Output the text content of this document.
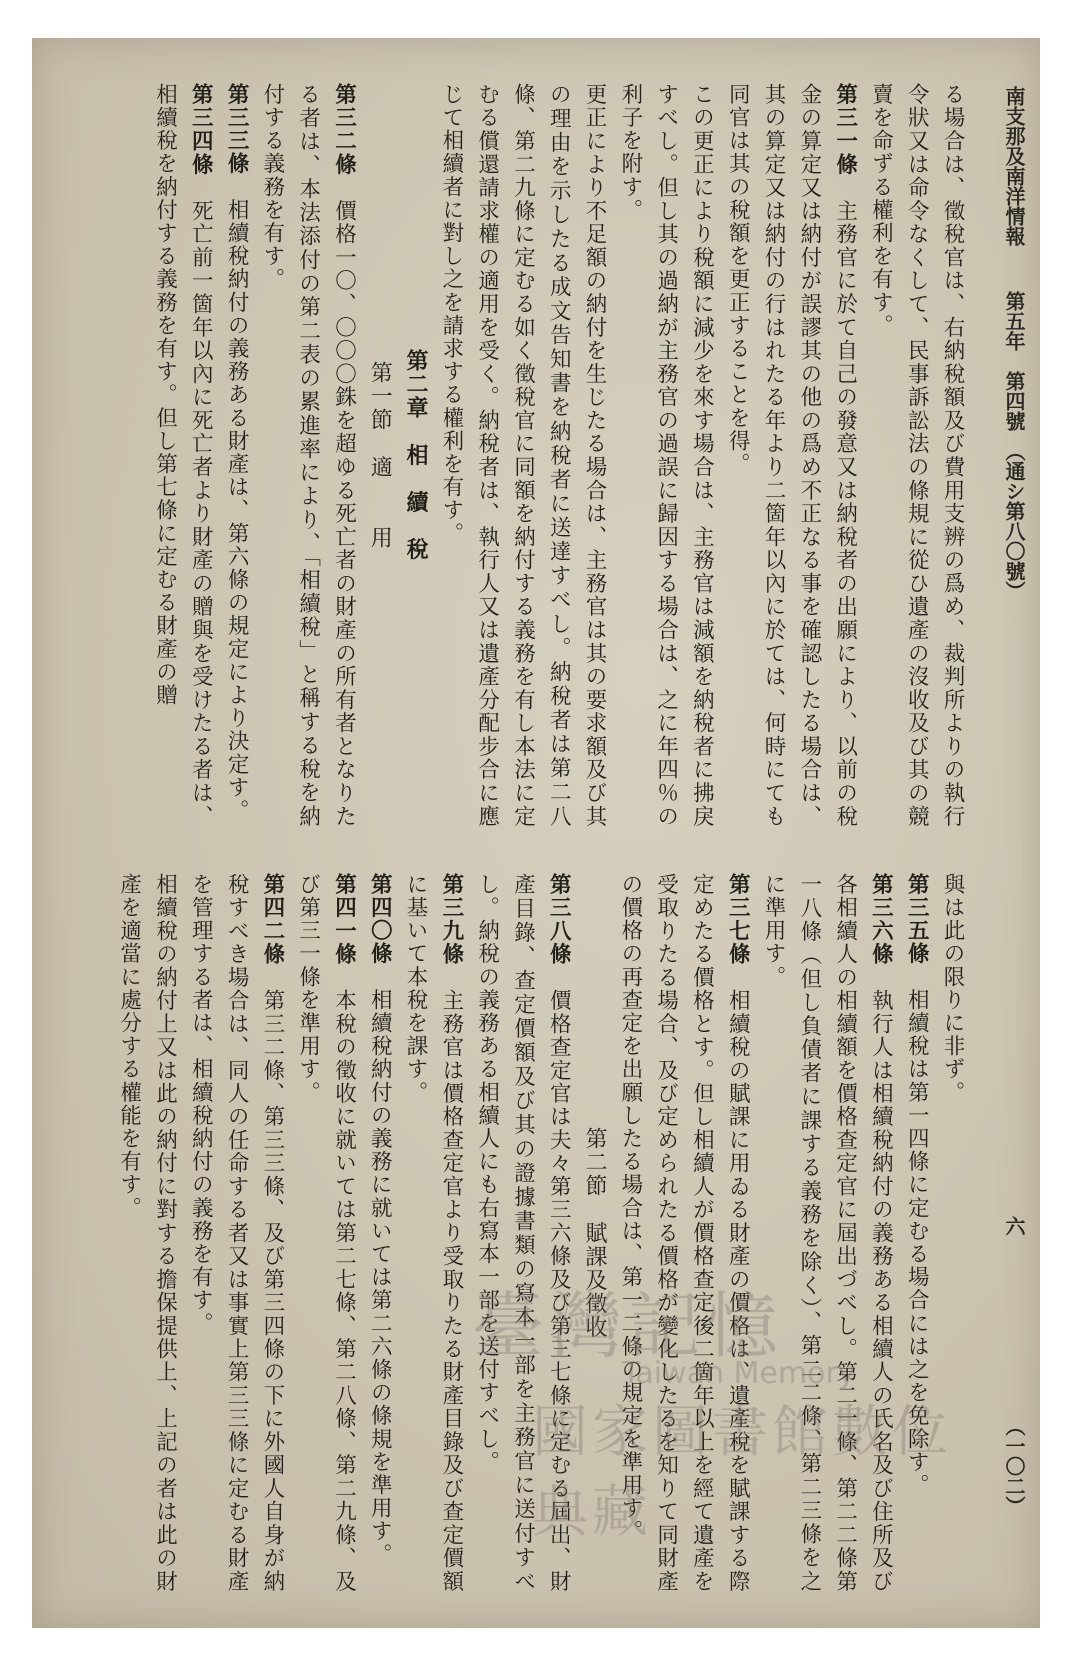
南支那及南洋情報
第五年　第四號　（通シ第八〇號）
六
（一〇二）

る場合は、徵稅官は、右納稅額及び費用支辨の爲め、裁判所よりの執行令狀又は命令なくして、民事訴訟法の條規に從ひ遺產の沒收及び其の競賣を命ずる權利を有す。

第三一條　主務官に於て自己の發意又は納稅者の出願により、以前の稅金の算定又は納付が誤謬其の他の爲め不正なる事を確認したる場合は、其の算定又は納付の行はれたる年より二箇年以內に於ては、何時にても同官は其の稅額を更正することを得。

この更正により稅額に減少を來す場合は、主務官は減額を納稅者に拂戾すべし。但し其の過納が主務官の過誤に歸因する場合は、之に年四％の利子を附す。

更正により不足額の納付を生じたる場合は、主務官は其の要求額及び其の理由を示したる成文告知書を納稅者に送達すべし。納稅者は第二八條、第二九條に定むる如く徵稅官に同額を納付する義務を有し本法に定むる償還請求權の適用を受く。納稅者は、執行人又は遺產分配步合に應じて相續者に對し之を請求する權利を有す。

第二章　相　續　稅

第一節　適　　用

第三二條　價格一〇、〇〇〇銖を超ゆる死亡者の財產の所有者となりたる者は、本法添付の第二表の累進率により、「相續稅」と稱する稅を納付する義務を有す。

第三三條　相續稅納付の義務ある財產は、第六條の規定により決定す。

第三四條　死亡前一箇年以內に死亡者より財產の贈與を受けたる者は、相續稅を納付する義務を有す。但し第七條に定むる財產の贈

與は此の限りに非ず。

第三五條　相續稅は第一四條に定むる場合には之を免除す。

第三六條　執行人は相續稅納付の義務ある相續人の氏名及び住所及び各相續人の相續額を價格查定官に屆出づべし。第二一條、第二二條第一八條（但し負債者に課する義務を除く）、第二二條、第二三條を之に準用す。

第三七條　相續稅の賦課に用ゐる財產の價格は、遺產稅を賦課する際定めたる價格とす。但し相續人が價格查定後二箇年以上を經て遺產を受取りたる場合、及び定められたる價格が變化したるを知りて同財產の價格の再查定を出願したる場合は、第一二條の規定を準用す。

第二節　賦課及徵收

第三八條　價格查定官は夫々第三六條及び第三七條に定むる屆出、財產目錄、查定價額及び其の證據書類の寫本一部を主務官に送付すべし。納稅の義務ある相續人にも右寫本一部を送付すべし。

第三九條　主務官は價格查定官より受取りたる財產目錄及び查定價額に基いて本稅を課す。

第四〇條　相續稅納付の義務に就いては第二六條の條規を準用す。

第四一條　本稅の徵收に就いては第二七條、第二八條、第二九條、及び第三一條を準用す。

第四二條　第三二條、第三三條、及び第三四條の下に外國人自身が納稅すべき場合は、同人の任命する者又は事實上第三三條に定むる財產を管理する者は、相續稅納付の義務を有す。

相續稅の納付上又は此の納付に對する擔保提供上、上記の者は此の財產を適當に處分する權能を有す。

臺灣記憶
Taiwan Memory
國家圖書館數位典藏
